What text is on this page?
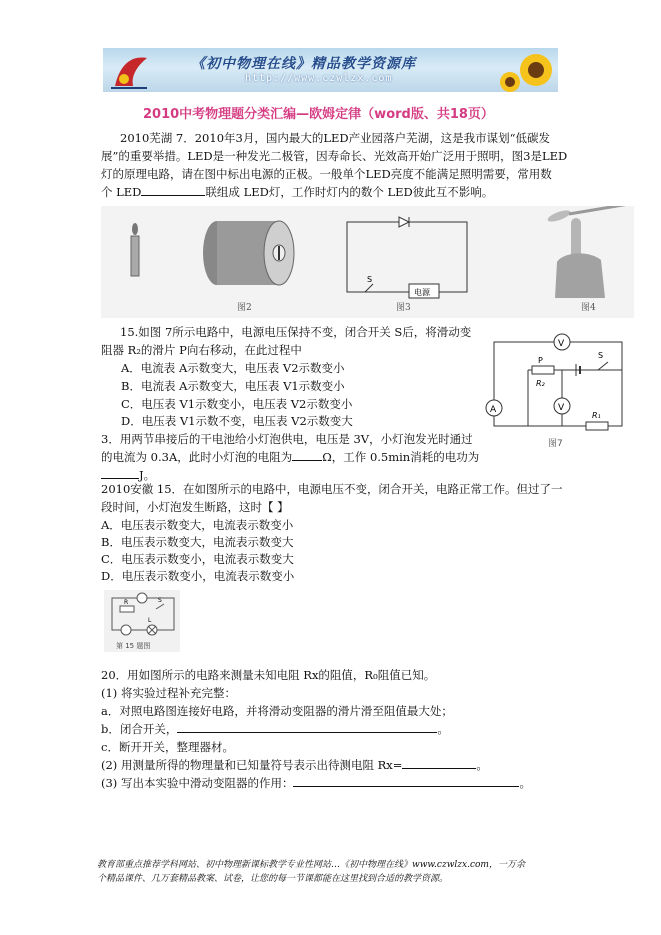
《初中物理在线》精品教学资源库
http://www.czwlzx.com
2010中考物理题分类汇编—欧姆定律（word版、共18页）
2010芜湖 7．2010年3月，国内最大的LED产业园落户芜湖，这是我市谋划“低碳发
展”的重要举措。LED是一种发光二极管，因寿命长、光效高开始广泛用于照明，图3是LED
灯的原理电路，请在图中标出电源的正极。一般单个LED亮度不能满足照明需要，常用数
个 LED	联组成 LED灯，工作时灯内的数个 LED彼此互不影响。
图2
S
电源
图3	图4
15.如图 7所示电路中，电源电压保持不变，闭合开关 S后，将滑动变
阻器 R₂的滑片 P向右移动，在此过程中
A．电流表 A示数变大，电压表 V2示数变小
B．电流表 A示数变大，电压表 V1示数变小
C．电压表 V1示数变小，电压表 V2示数变小
D．电压表 V1示数不变，电压表 V2示数变大
V
A	V
P
R₂
S
R₁
图7
3．用两节串接后的干电池给小灯泡供电，电压是 3V，小灯泡发光时通过
的电流为 0.3A，此时小灯泡的电阻为	Ω，工作 0.5min消耗的电功为
J。
2010安徽 15．在如图所示的电路中，电源电压不变，闭合开关，电路正常工作。但过了一
段时间，小灯泡发生断路，这时【 】
A．电压表示数变大，电流表示数变小
B．电压表示数变大，电流表示数变大
C．电压表示数变小，电流表示数变大
D．电压表示数变小，电流表示数变小
R	S
L
第 15 题图
20．用如图所示的电路来测量未知电阻 Rx的阻值，R₀阻值已知。
(1) 将实验过程补充完整：
a．对照电路图连接好电路，并将滑动变阻器的滑片滑至阻值最大处；
b．闭合开关，	。
c．断开开关，整理器材。
(2) 用测量所得的物理量和已知量符号表示出待测电阻 Rx=	。
(3) 写出本实验中滑动变阻器的作用：	。
教育部重点推荐学科网站、初中物理新课标教学专业性网站…《初中物理在线》www.czwlzx.com，一万余
个精品课件、几万套精品教案、试卷，让您的每一节课都能在这里找到合适的教学资源。
